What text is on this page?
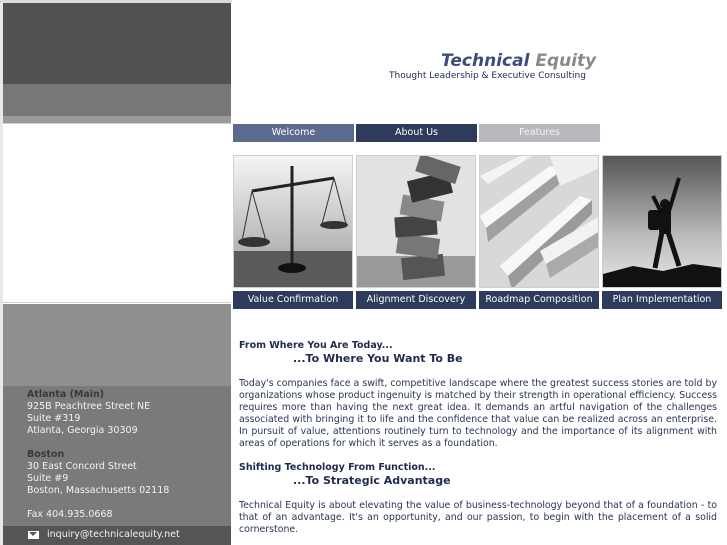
Atlanta (Main)
925B Peachtree Street NE
Suite #319
Atlanta, Georgia 30309
Boston
30 East Concord Street
Suite #9
Boston, Massachusetts 02118
Fax 404.935.0668
inquiry@technicalequity.net
Technical Equity
Thought Leadership & Executive Consulting
Welcome	About Us	Features
Value Confirmation	Alignment Discovery	Roadmap Composition	Plan Implementation
From Where You Are Today...
...To Where You Want To Be
Today's companies face a swift, competitive landscape where the greatest success stories are told by organizations whose product ingenuity is matched by their strength in operational efficiency. Success requires more than having the next great idea. It demands an artful navigation of the challenges associated with bringing it to life and the confidence that value can be realized across an enterprise. In pursuit of value, attentions routinely turn to technology and the importance of its alignment with areas of operations for which it serves as a foundation.
Shifting Technology From Function...
...To Strategic Advantage
Technical Equity is about elevating the value of business-technology beyond that of a foundation - to that of an advantage. It's an opportunity, and our passion, to begin with the placement of a solid cornerstone.
